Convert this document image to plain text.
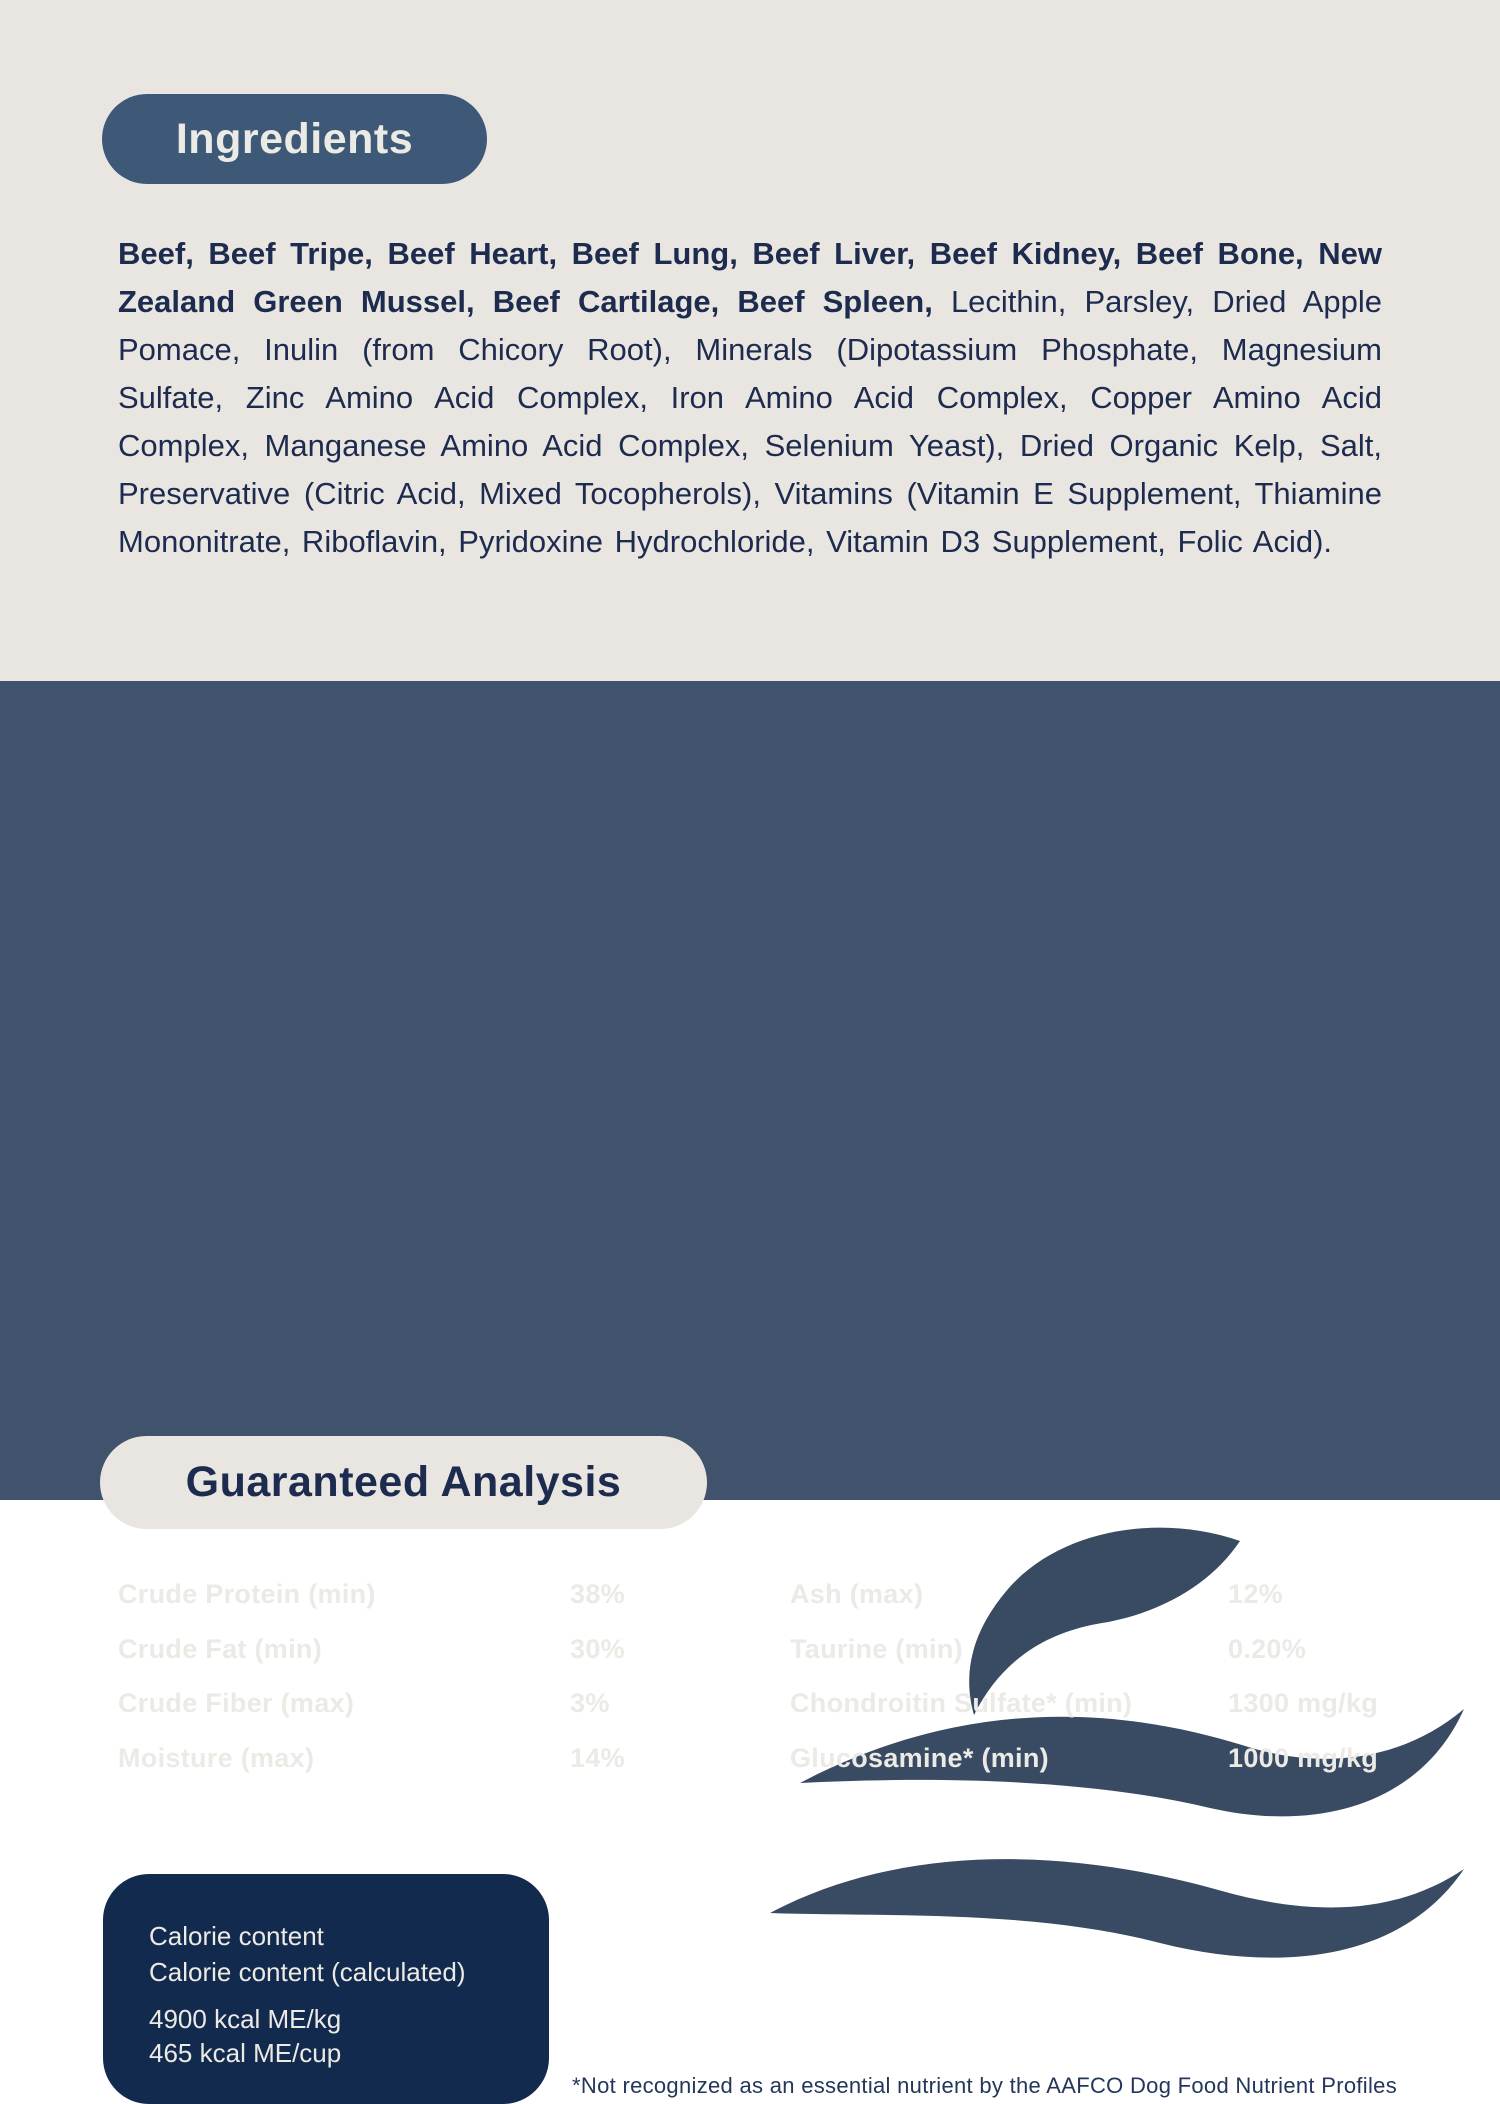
Ingredients

Beef, Beef Tripe, Beef Heart, Beef Lung, Beef Liver, Beef Kidney, Beef Bone, New Zealand Green Mussel, Beef Cartilage, Beef Spleen, Lecithin, Parsley, Dried Apple Pomace, Inulin (from Chicory Root), Minerals (Dipotassium Phosphate, Magnesium Sulfate, Zinc Amino Acid Complex, Iron Amino Acid Complex, Copper Amino Acid Complex, Manganese Amino Acid Complex, Selenium Yeast), Dried Organic Kelp, Salt, Preservative (Citric Acid, Mixed Tocopherols), Vitamins (Vitamin E Supplement, Thiamine Mononitrate, Riboflavin, Pyridoxine Hydrochloride, Vitamin D3 Supplement, Folic Acid).

Guaranteed Analysis
Crude Protein (min)	38%	Ash (max)	12%
Crude Fat (min)	30%	Taurine (min)	0.20%
Crude Fiber (max)	3%	Chondroitin Sulfate* (min)	1300 mg/kg
Moisture (max)	14%	Glucosamine* (min)	1000 mg/kg

Calorie content

Calorie content (calculated)

4900 kcal ME/kg

465 kcal ME/cup

*Not recognized as an essential nutrient by the AAFCO Dog Food Nutrient Profiles
